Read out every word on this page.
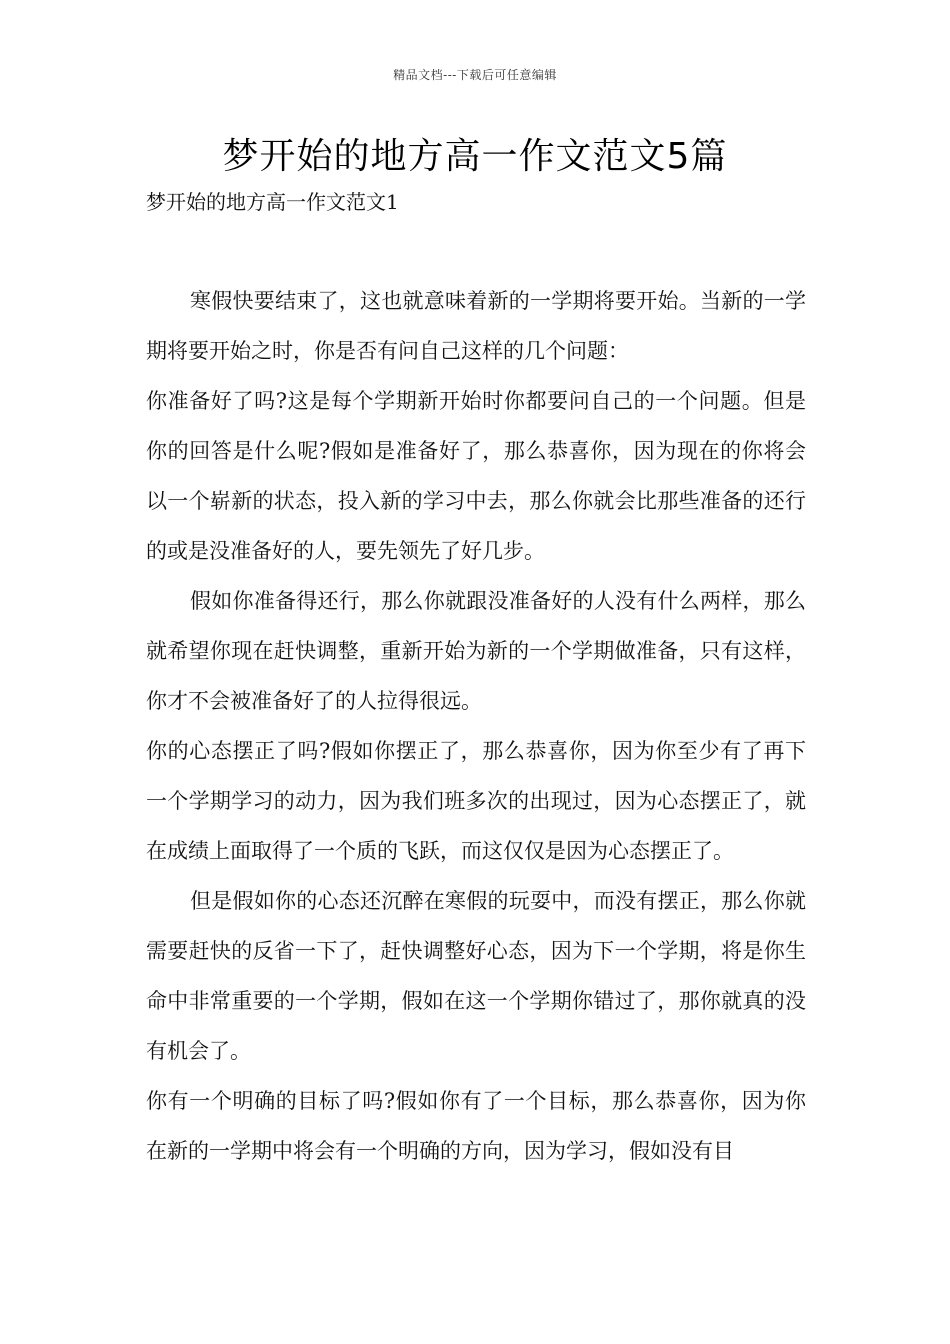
精品文档---下载后可任意编辑
梦开始的地方高一作文范文5篇
梦开始的地方高一作文范文1

寒假快要结束了，这也就意味着新的一学期将要开始。当新的一学期将要开始之时，你是否有问自己这样的几个问题：

你准备好了吗?这是每个学期新开始时你都要问自己的一个问题。但是你的回答是什么呢?假如是准备好了，那么恭喜你，因为现在的你将会以一个崭新的状态，投入新的学习中去，那么你就会比那些准备的还行的或是没准备好的人，要先领先了好几步。

假如你准备得还行，那么你就跟没准备好的人没有什么两样，那么就希望你现在赶快调整，重新开始为新的一个学期做准备，只有这样，你才不会被准备好了的人拉得很远。

你的心态摆正了吗?假如你摆正了，那么恭喜你，因为你至少有了再下一个学期学习的动力，因为我们班多次的出现过，因为心态摆正了，就在成绩上面取得了一个质的飞跃，而这仅仅是因为心态摆正了。

但是假如你的心态还沉醉在寒假的玩耍中，而没有摆正，那么你就需要赶快的反省一下了，赶快调整好心态，因为下一个学期，将是你生命中非常重要的一个学期，假如在这一个学期你错过了，那你就真的没有机会了。

你有一个明确的目标了吗?假如你有了一个目标，那么恭喜你，因为你在新的一学期中将会有一个明确的方向，因为学习，假如没有目
